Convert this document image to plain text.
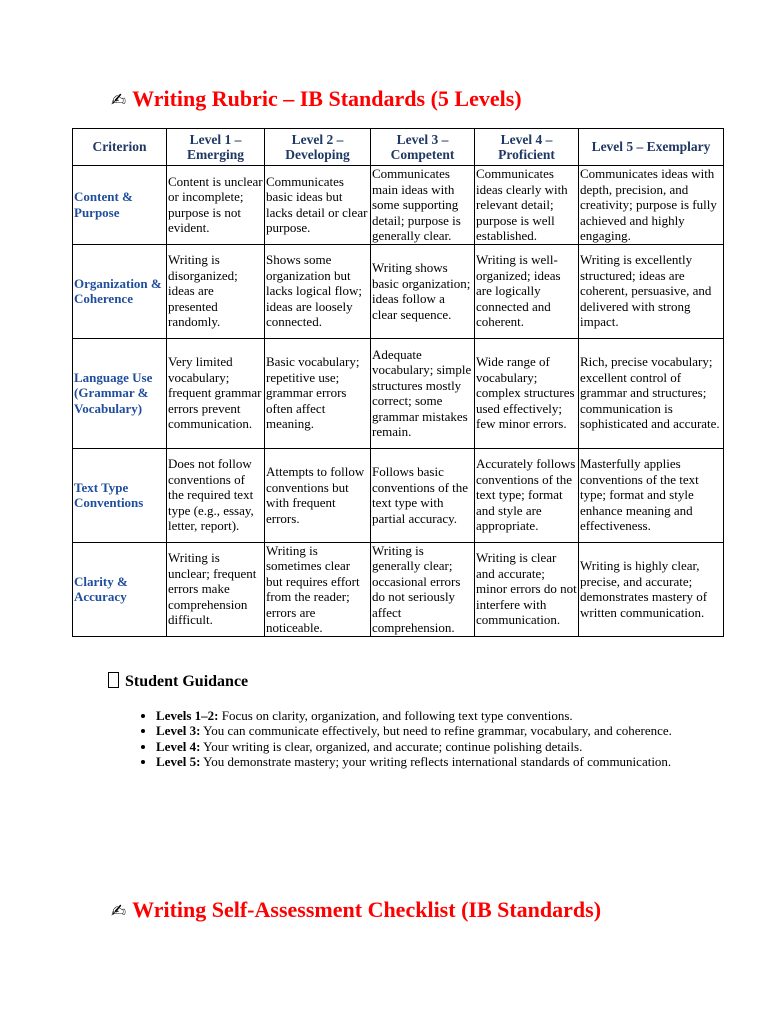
✍ Writing Rubric – IB Standards (5 Levels)
Criterion	Level 1 – Emerging	Level 2 – Developing	Level 3 – Competent	Level 4 – Proficient	Level 5 – Exemplary
Content & Purpose	Content is unclear or incomplete; purpose is not evident.	Communicates basic ideas but lacks detail or clear purpose.	Communicates main ideas with some supporting detail; purpose is generally clear.	Communicates ideas clearly with relevant detail; purpose is well established.	Communicates ideas with depth, precision, and creativity; purpose is fully achieved and highly engaging.
Organization & Coherence	Writing is disorganized; ideas are presented randomly.	Shows some organization but lacks logical flow; ideas are loosely connected.	Writing shows basic organization; ideas follow a clear sequence.	Writing is well-organized; ideas are logically connected and coherent.	Writing is excellently structured; ideas are coherent, persuasive, and delivered with strong impact.
Language Use (Grammar & Vocabulary)	Very limited vocabulary; frequent grammar errors prevent communication.	Basic vocabulary; repetitive use; grammar errors often affect meaning.	Adequate vocabulary; simple structures mostly correct; some grammar mistakes remain.	Wide range of vocabulary; complex structures used effectively; few minor errors.	Rich, precise vocabulary; excellent control of grammar and structures; communication is sophisticated and accurate.
Text Type Conventions	Does not follow conventions of the required text type (e.g., essay, letter, report).	Attempts to follow conventions but with frequent errors.	Follows basic conventions of the text type with partial accuracy.	Accurately follows conventions of the text type; format and style are appropriate.	Masterfully applies conventions of the text type; format and style enhance meaning and effectiveness.
Clarity & Accuracy	Writing is unclear; frequent errors make comprehension difficult.	Writing is sometimes clear but requires effort from the reader; errors are noticeable.	Writing is generally clear; occasional errors do not seriously affect comprehension.	Writing is clear and accurate; minor errors do not interfere with communication.	Writing is highly clear, precise, and accurate; demonstrates mastery of written communication.
Student Guidance
• Levels 1–2: Focus on clarity, organization, and following text type conventions.
• Level 3: You can communicate effectively, but need to refine grammar, vocabulary, and coherence.
• Level 4: Your writing is clear, organized, and accurate; continue polishing details.
• Level 5: You demonstrate mastery; your writing reflects international standards of communication.
✍ Writing Self-Assessment Checklist (IB Standards)
